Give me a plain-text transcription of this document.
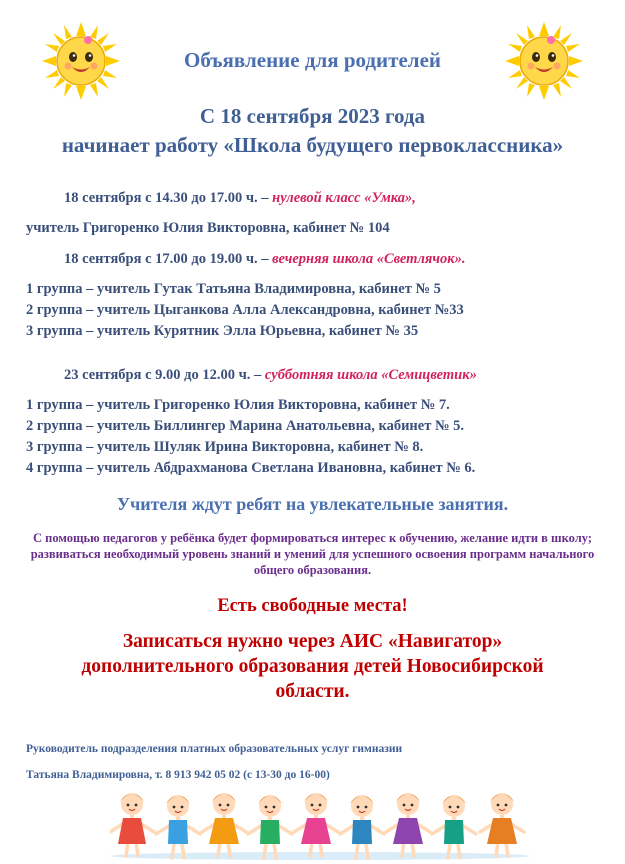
Объявление для родителей
С 18 сентября 2023 года
начинает работу «Школа будущего первоклассника»
18 сентября с 14.30 до 17.00 ч. – нулевой класс «Умка»,
учитель Григоренко Юлия Викторовна, кабинет № 104
18 сентября с 17.00 до 19.00 ч. – вечерняя школа «Светлячок».
1 группа – учитель Гутак Татьяна Владимировна, кабинет № 5
2 группа – учитель Цыганкова Алла Александровна, кабинет №33
3 группа – учитель Курятник Элла Юрьевна, кабинет № 35
23 сентября с 9.00 до 12.00 ч. – субботняя школа «Семицветик»
1 группа – учитель Григоренко Юлия Викторовна, кабинет № 7.
2 группа – учитель Биллингер Марина Анатольевна, кабинет № 5.
3 группа – учитель Шуляк Ирина Викторовна, кабинет № 8.
4 группа – учитель Абдрахманова Светлана Ивановна, кабинет № 6.
Учителя ждут ребят на увлекательные занятия.
С помощью педагогов у ребёнка будет формироваться интерес к обучению, желание идти в школу; развиваться необходимый уровень знаний и умений для успешного освоения программ начального общего образования.
Есть свободные места!
Записаться нужно через АИС «Навигатор»
дополнительного образования детей Новосибирской
области.
Руководитель подразделения платных образовательных услуг гимназии
Татьяна Владимировна, т. 8 913 942 05 02 (с 13-30 до 16-00)
